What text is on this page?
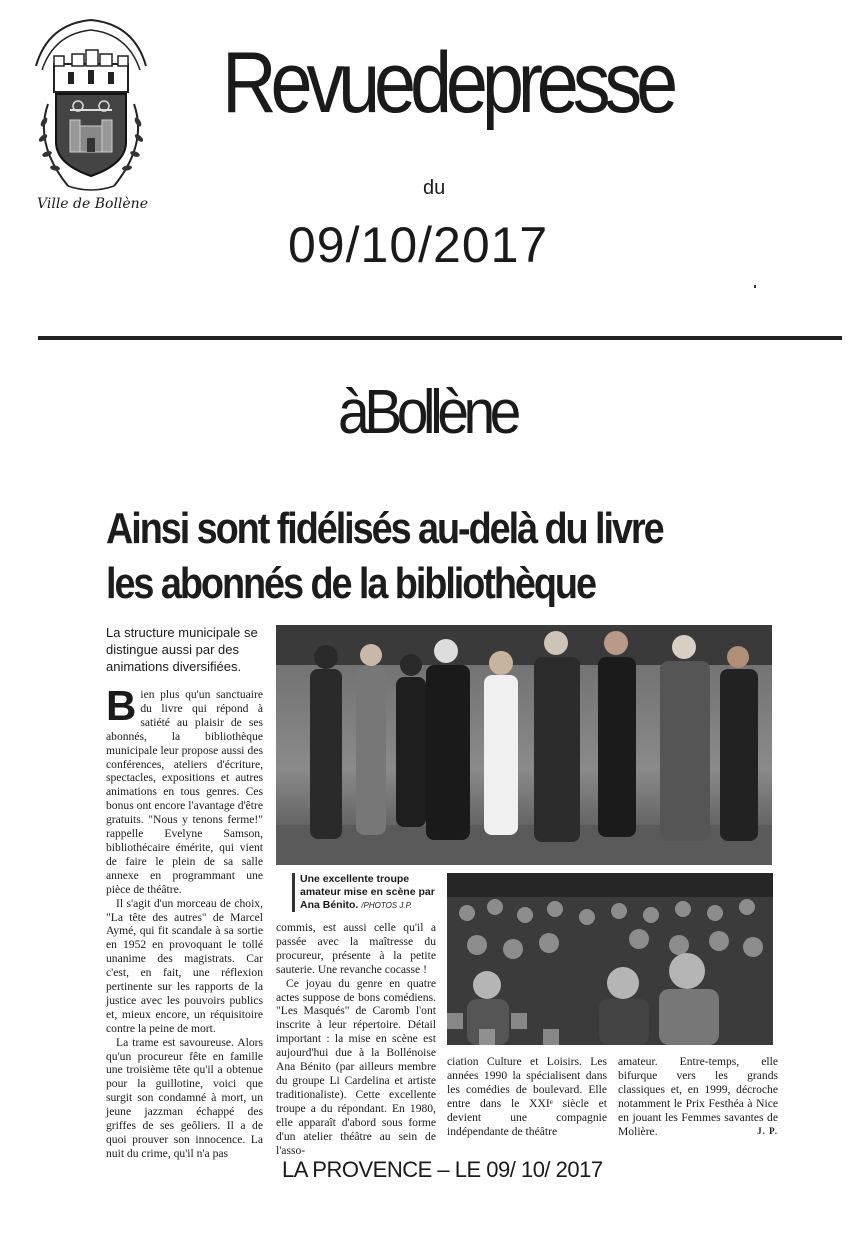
Ville de Bollène
Revuedepresse
du
09/10/2017
àBollène
Ainsi sont fidélisés au-delà du livre
les abonnés de la bibliothèque
La structure municipale se distingue aussi par des animations diversifiées.
B ien plus qu'un sanctuaire du livre qui répond à satiété au plaisir de ses abonnés, la bibliothèque municipale leur propose aussi des conférences, ateliers d'écriture, spectacles, expositions et autres animations en tous genres. Ces bonus ont encore l'avantage d'être gratuits. "Nous y tenons ferme!" rappelle Evelyne Samson, bibliothécaire émérite, qui vient de faire le plein de sa salle annexe en programmant une pièce de théâtre.

Il s'agit d'un morceau de choix, "La tête des autres" de Marcel Aymé, qui fit scandale à sa sortie en 1952 en provoquant le tollé unanime des magistrats. Car c'est, en fait, une réflexion pertinente sur les rapports de la justice avec les pouvoirs publics et, mieux encore, un réquisitoire contre la peine de mort.

La trame est savoureuse. Alors qu'un procureur fête en famille une troisième tête qu'il a obtenue pour la guillotine, voici que surgit son condamné à mort, un jeune jazzman échappé des griffes de ses geôliers. Il a de quoi prouver son innocence. La nuit du crime, qu'il n'a pas

Une excellente troupe amateur mise en scène par Ana Bénito. /PHOTOS J.P.

commis, est aussi celle qu'il a passée avec la maîtresse du procureur, présente à la petite sauterie. Une revanche cocasse !

Ce joyau du genre en quatre actes suppose de bons comédiens. "Les Masqués" de Caromb l'ont inscrite à leur répertoire. Détail important : la mise en scène est aujourd'hui due à la Bollénoise Ana Bénito (par ailleurs membre du groupe Li Cardelina et artiste traditionaliste). Cette excellente troupe a du répondant. En 1980, elle apparaît d'abord sous forme d'un atelier théâtre au sein de l'asso-

ciation Culture et Loisirs. Les années 1990 la spécialisent dans les comédies de boulevard. Elle entre dans le XXIᵉ siècle et devient une compagnie indépendante de théâtre

amateur. Entre-temps, elle bifurque vers les grands classiques et, en 1999, décroche notamment le Prix Festhéa à Nice en jouant les Femmes savantes de Molière.	J. P.

LA PROVENCE – LE 09/ 10/ 2017
